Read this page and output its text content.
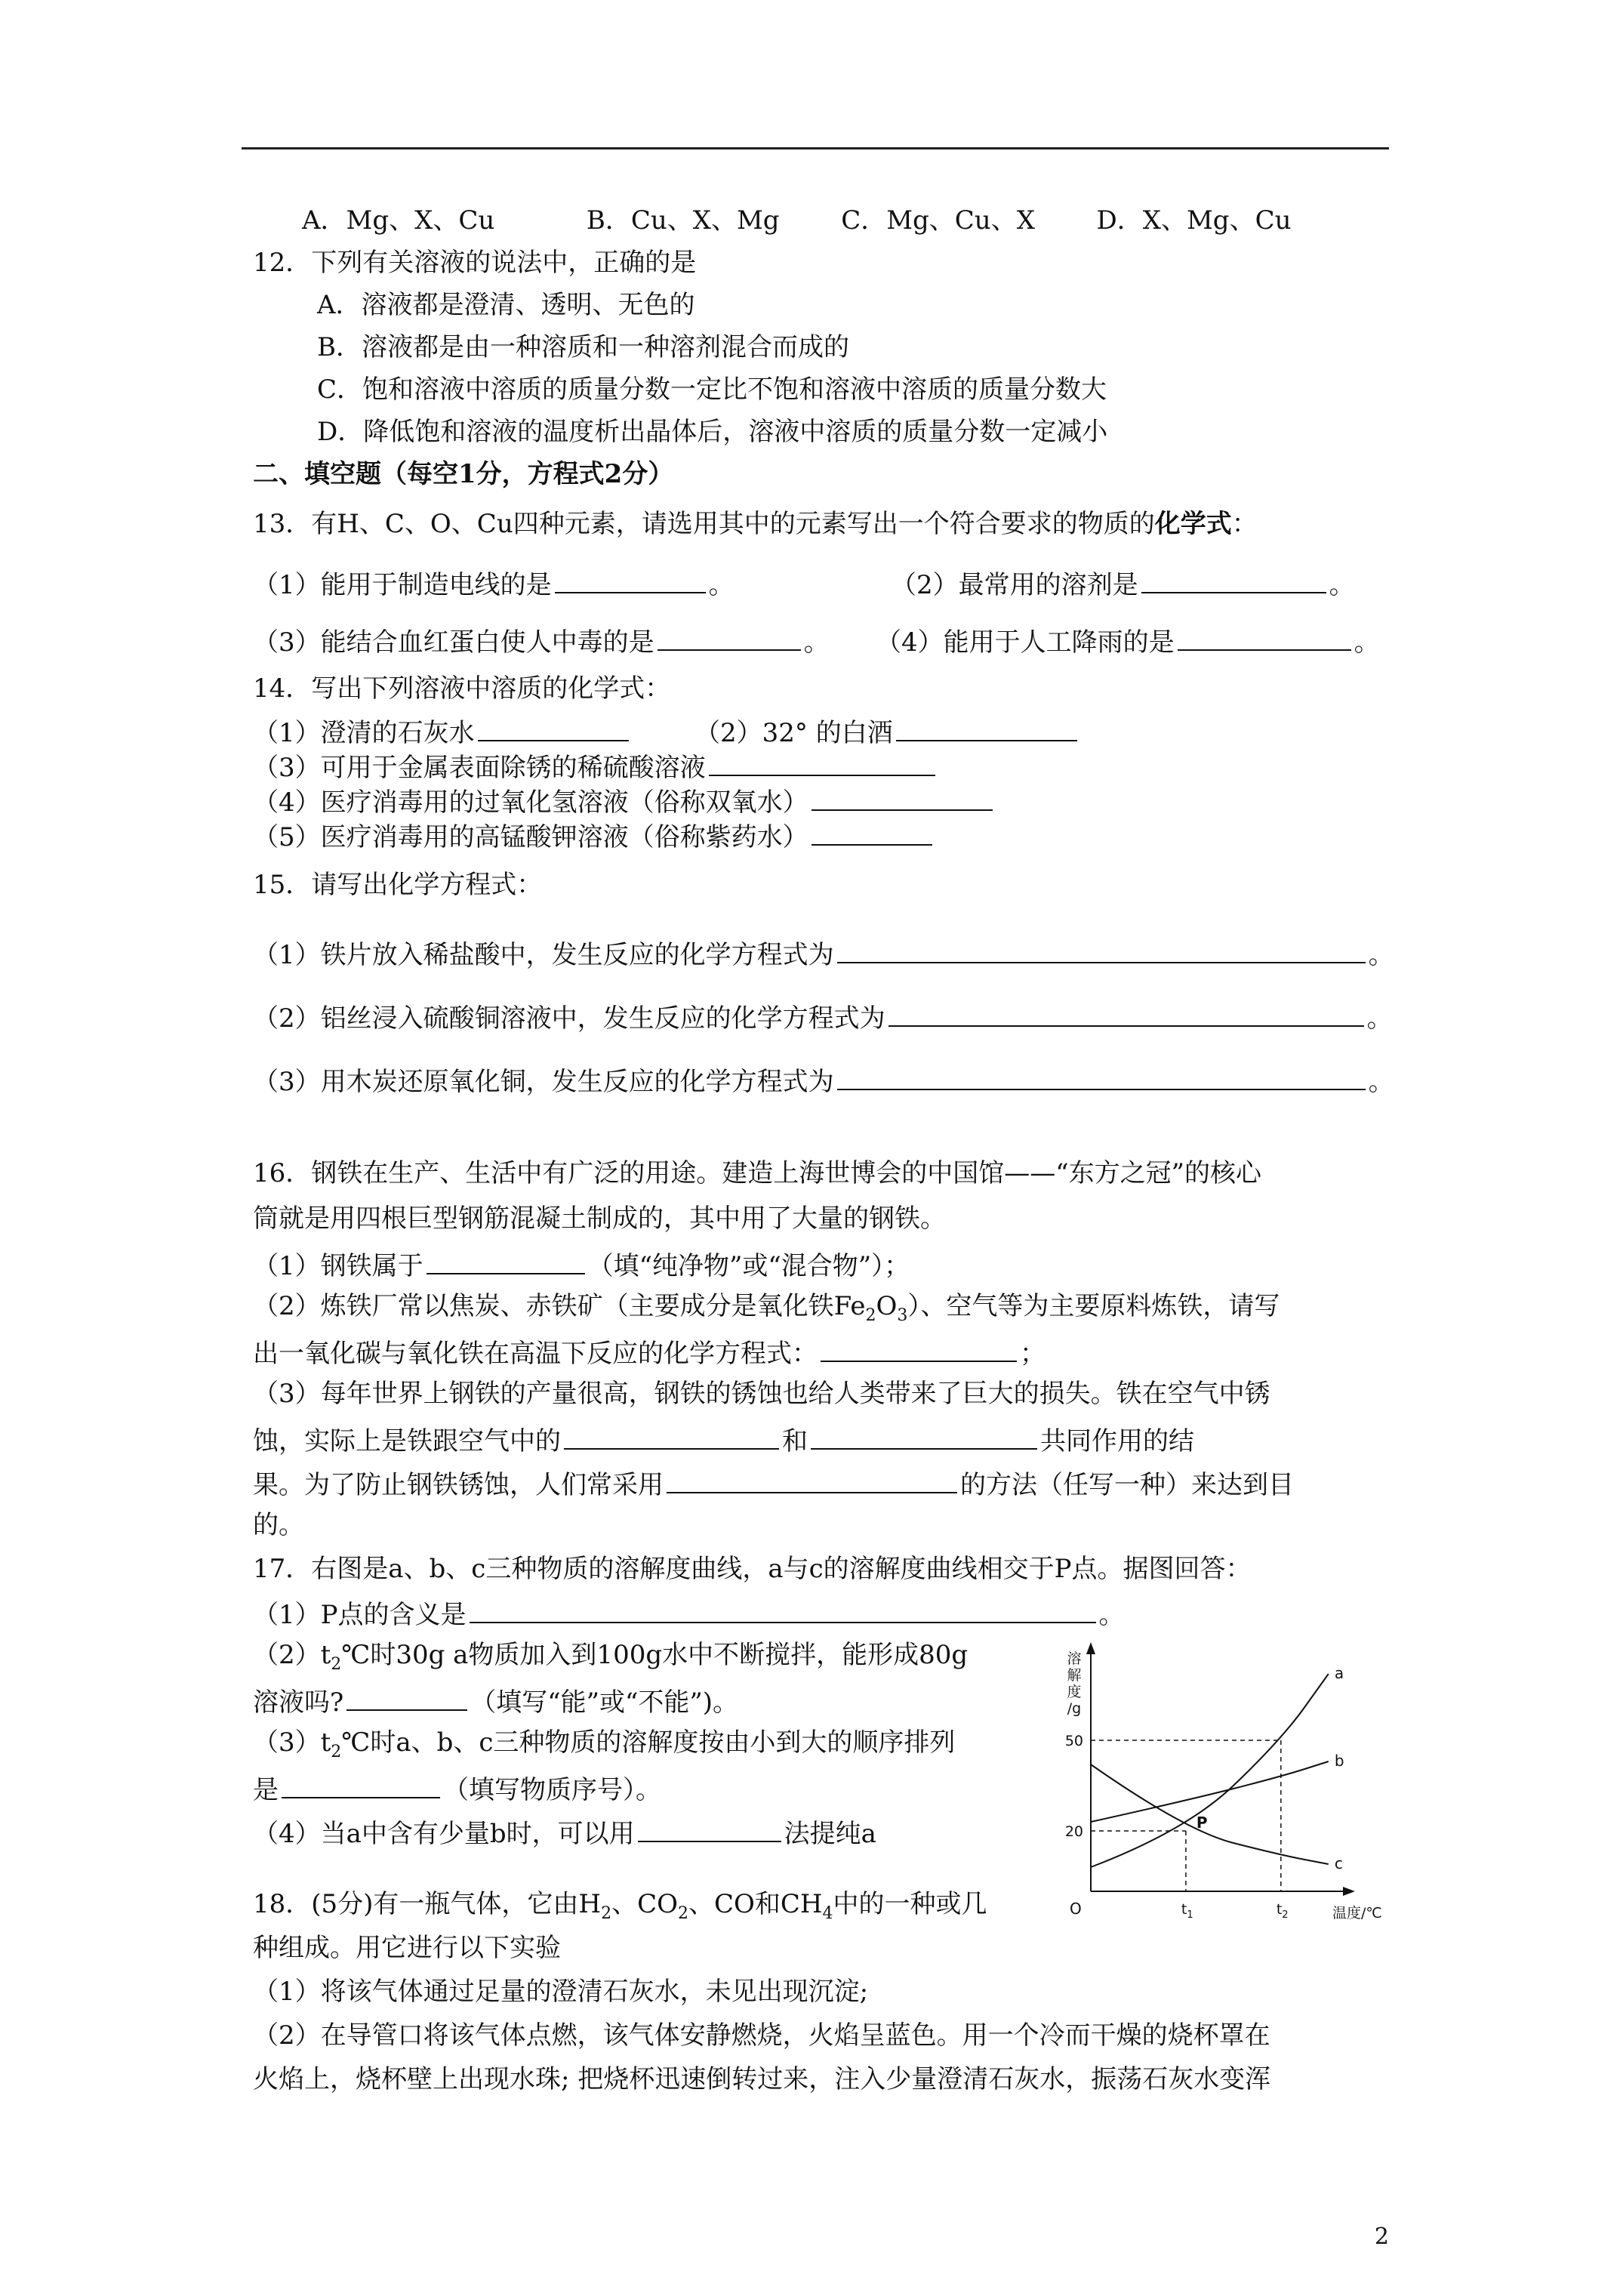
A．Mg、X、Cu	B．Cu、X、Mg C．Mg、Cu、X D．X、Mg、Cu
12．下列有关溶液的说法中，正确的是
A．溶液都是澄清、透明、无色的
B．溶液都是由一种溶质和一种溶剂混合而成的
C．饱和溶液中溶质的质量分数一定比不饱和溶液中溶质的质量分数大
D．降低饱和溶液的温度析出晶体后，溶液中溶质的质量分数一定减小
二、填空题（每空1分，方程式2分）
13．有H、C、O、Cu四种元素，请选用其中的元素写出一个符合要求的物质的化学式：
（1）能用于制造电线的是	。	（2）最常用的溶剂是	。
（3）能结合血红蛋白使人中毒的是	。 （4）能用于人工降雨的是	。
14．写出下列溶液中溶质的化学式：
（1）澄清的石灰水	（2）32° 的白酒
（3）可用于金属表面除锈的稀硫酸溶液
（4）医疗消毒用的过氧化氢溶液（俗称双氧水）
（5）医疗消毒用的高锰酸钾溶液（俗称紫药水）
15．请写出化学方程式：
（1）铁片放入稀盐酸中，发生反应的化学方程式为	。
（2）铝丝浸入硫酸铜溶液中，发生反应的化学方程式为	。
（3）用木炭还原氧化铜，发生反应的化学方程式为	。
16．钢铁在生产、生活中有广泛的用途。建造上海世博会的中国馆——“东方之冠”的核心
筒就是用四根巨型钢筋混凝土制成的，其中用了大量的钢铁。
（1）钢铁属于	（填“纯净物”或“混合物”）；
（2）炼铁厂常以焦炭、赤铁矿（主要成分是氧化铁$Fe_2O_3$）、空气等为主要原料炼铁，请写
出一氧化碳与氧化铁在高温下反应的化学方程式：	；
（3）每年世界上钢铁的产量很高，钢铁的锈蚀也给人类带来了巨大的损失。铁在空气中锈
蚀，实际上是铁跟空气中的	和	共同作用的结
果。为了防止钢铁锈蚀，人们常采用	的方法（任写一种）来达到目
的。
17．右图是a、b、c三种物质的溶解度曲线，a与c的溶解度曲线相交于P点。据图回答：
（1）P点的含义是	。
$(2)t_2℃$时30g a物质加入到100g水中不断搅拌，能形成80g
溶液吗?	（填写“能”或“不能”)。
$(3)t_2℃$时a、b、c三种物质的溶解度按由小到大的顺序排列
是	（填写物质序号）。
（4）当a中含有少量b时，可以用	法提纯a
18．(5分)有一瓶气体，它由$H_2$、$CO_2$、CO和$CH_4$中的一种或几
种组成。用它进行以下实验
（1）将该气体通过足量的澄清石灰水，未见出现沉淀;
（2）在导管口将该气体点燃，该气体安静燃烧，火焰呈蓝色。用一个冷而干燥的烧杯罩在
火焰上，烧杯壁上出现水珠; 把烧杯迅速倒转过来，注入少量澄清石灰水，振荡石灰水变浑
溶
解
度
/g
O	温度/℃
$t_1$	$t_2$
20
50
a
b
c
P
2
